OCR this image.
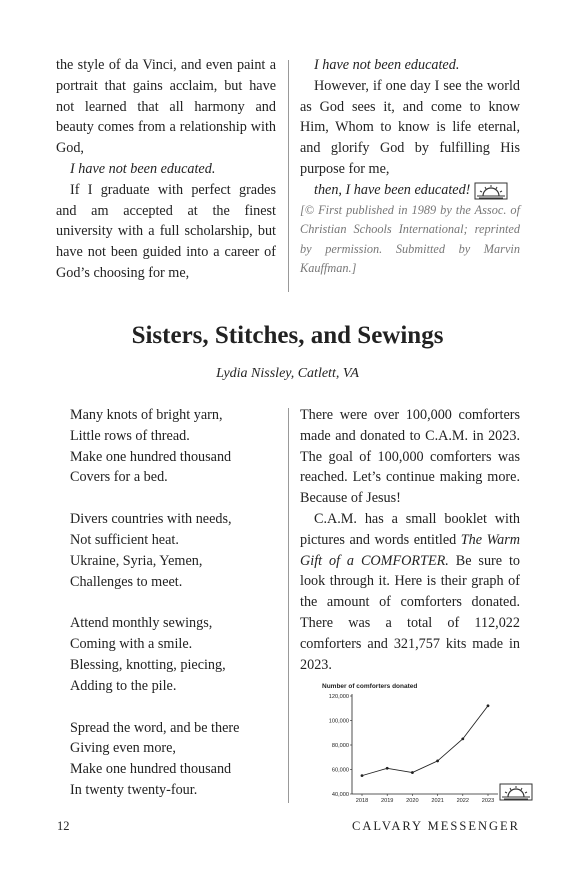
the style of da Vinci, and even paint a portrait that gains acclaim, but have not learned that all harmony and beauty comes from a relationship with God,

I have not been educated.

If I graduate with perfect grades and am accepted at the finest university with a full scholarship, but have not been guided into a career of God’s choosing for me,

I have not been educated.

However, if one day I see the world as God sees it, and come to know Him, Whom to know is life eternal, and glorify God by fulfilling His purpose for me,

then, I have been educated!

[© First published in 1989 by the Assoc. of Christian Schools International; reprinted by permission. Submitted by Marvin Kauffman.]

Sisters, Stitches, and Sewings
Lydia Nissley, Catlett, VA

Many knots of bright yarn,

Little rows of thread.

Make one hundred thousand

Covers for a bed.

Divers countries with needs,

Not sufficient heat.

Ukraine, Syria, Yemen,

Challenges to meet.

Attend monthly sewings,

Coming with a smile.

Blessing, knotting, piecing,

Adding to the pile.

Spread the word, and be there

Giving even more,

Make one hundred thousand

In twenty twenty-four.

There were over 100,000 comforters made and donated to C.A.M. in 2023. The goal of 100,000 comforters was reached. Let’s continue making more. Because of Jesus!

C.A.M. has a small booklet with pictures and words entitled The Warm Gift of a COMFORTER. Be sure to look through it. Here is their graph of the amount of comforters donated. There was a total of 112,022 comforters and 321,757 kits made in 2023.

Number of comforters donated
40,000
60,000
80,000
100,000
120,000
2018 2019 2020 2021 2022 2023
12	CALVARY MESSENGER
